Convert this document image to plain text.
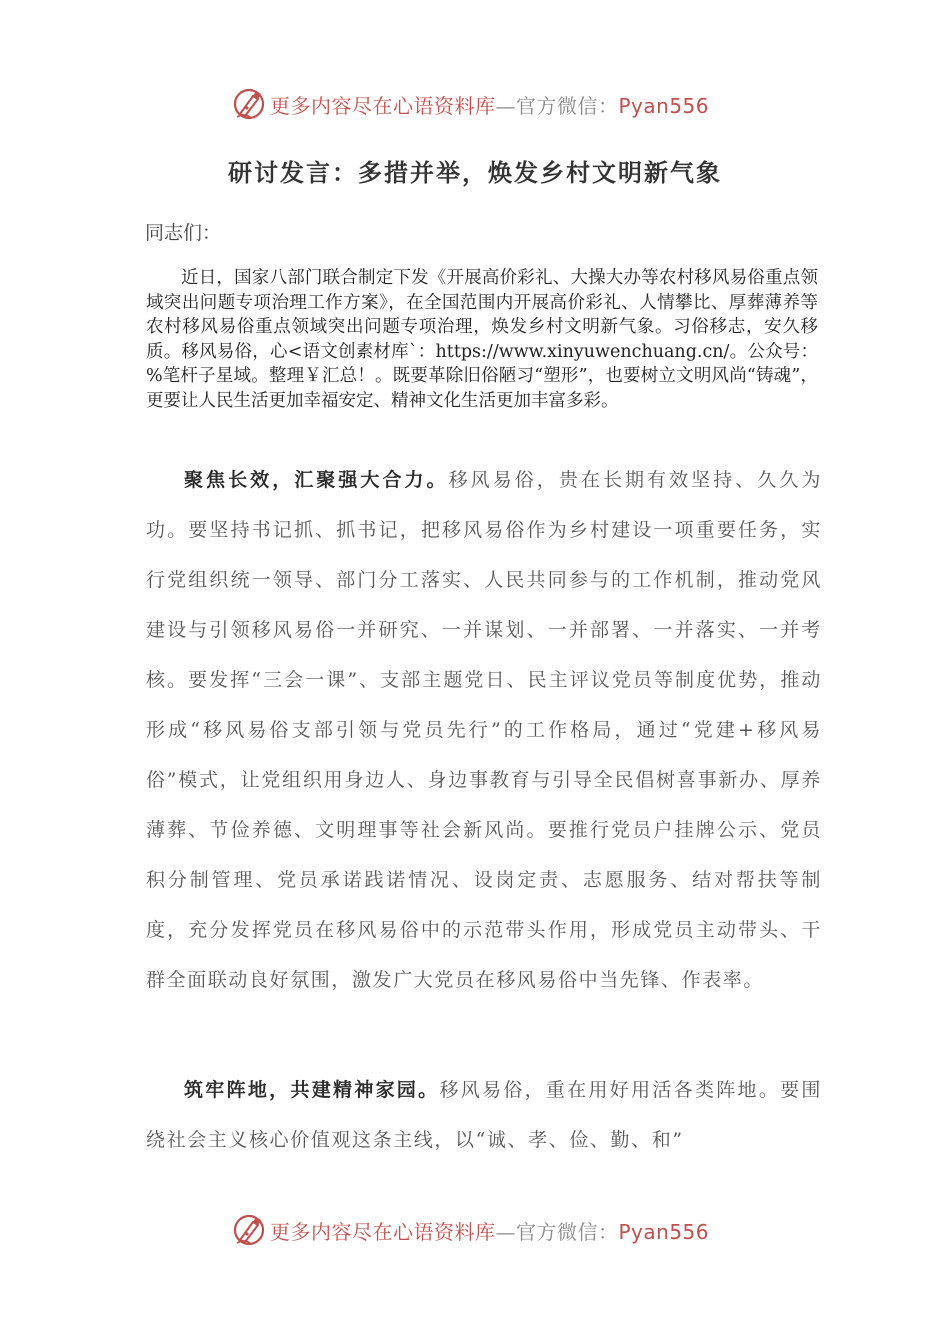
更多内容尽在心语资料库—官方微信：Pyan556
研讨发言：多措并举，焕发乡村文明新气象

同志们：

近日，国家八部门联合制定下发《开展高价彩礼、大操大办等农村移风易俗重点领域突出问题专项治理工作方案》，在全国范围内开展高价彩礼、人情攀比、厚葬薄养等农村移风易俗重点领域突出问题专项治理，焕发乡村文明新气象。习俗移志，安久移质。移风易俗，心<语文创素材库`：https://www.xinyuwenchuang.cn/。公众号：%笔杆子星域。整理￥汇总！。既要革除旧俗陋习“塑形”，也要树立文明风尚“铸魂”，更要让人民生活更加幸福安定、精神文化生活更加丰富多彩。

聚焦长效，汇聚强大合力。移风易俗，贵在长期有效坚持、久久为功。要坚持书记抓、抓书记，把移风易俗作为乡村建设一项重要任务，实行党组织统一领导、部门分工落实、人民共同参与的工作机制，推动党风建设与引领移风易俗一并研究、一并谋划、一并部署、一并落实、一并考核。要发挥“三会一课”、支部主题党日、民主评议党员等制度优势，推动形成“移风易俗支部引领与党员先行”的工作格局，通过“党建+移风易俗”模式，让党组织用身边人、身边事教育与引导全民倡树喜事新办、厚养薄葬、节俭养德、文明理事等社会新风尚。要推行党员户挂牌公示、党员积分制管理、党员承诺践诺情况、设岗定责、志愿服务、结对帮扶等制度，充分发挥党员在移风易俗中的示范带头作用，形成党员主动带头、干群全面联动良好氛围，激发广大党员在移风易俗中当先锋、作表率。

筑牢阵地，共建精神家园。移风易俗，重在用好用活各类阵地。要围绕社会主义核心价值观这条主线，以“诚、孝、俭、勤、和”

更多内容尽在心语资料库—官方微信：Pyan556
